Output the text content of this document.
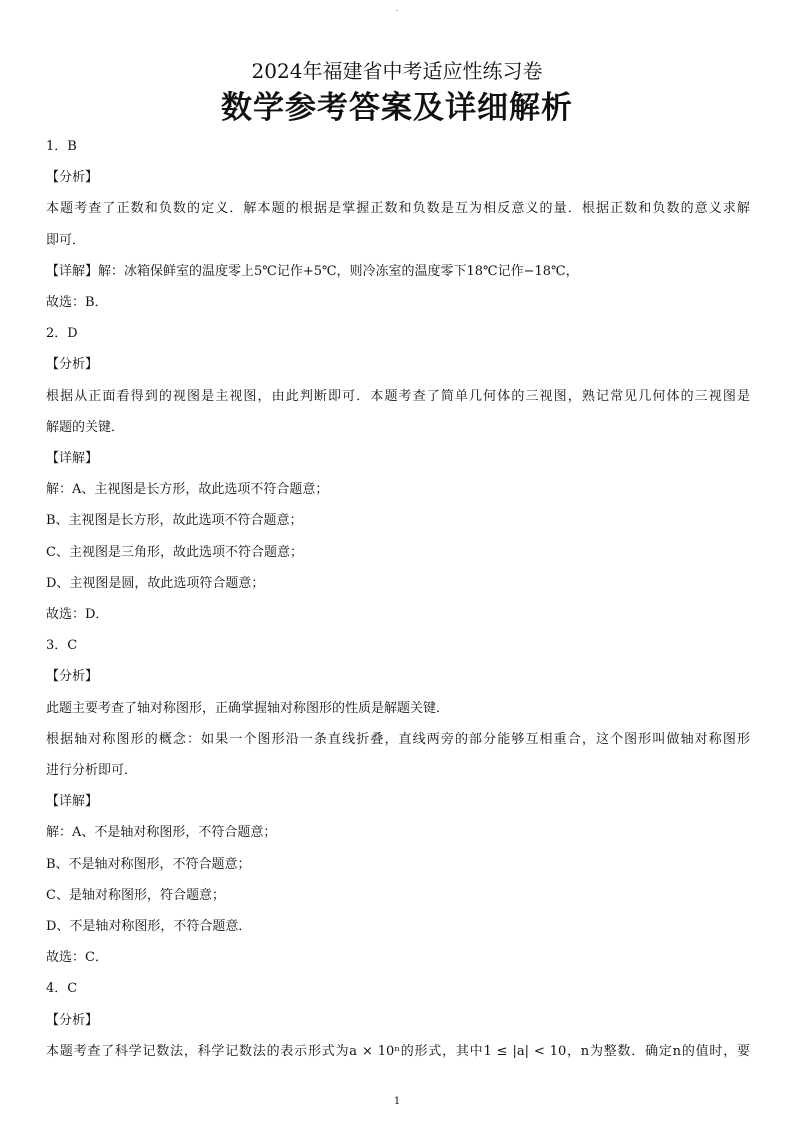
.
2024年福建省中考适应性练习卷
数学参考答案及详细解析
1．B
【分析】
本题考查了正数和负数的定义．解本题的根据是掌握正数和负数是互为相反意义的量．根据正数和负数的意义求解
即可．
【详解】解：冰箱保鲜室的温度零上5℃记作+5℃，则冷冻室的温度零下18℃记作−18℃，
故选：B．
2．D
【分析】
根据从正面看得到的视图是主视图，由此判断即可．本题考查了简单几何体的三视图，熟记常见几何体的三视图是
解题的关键．
【详解】
解：A、主视图是长方形，故此选项不符合题意；
B、主视图是长方形，故此选项不符合题意；
C、主视图是三角形，故此选项不符合题意；
D、主视图是圆，故此选项符合题意；
故选：D．
3．C
【分析】
此题主要考查了轴对称图形，正确掌握轴对称图形的性质是解题关键．
根据轴对称图形的概念：如果一个图形沿一条直线折叠，直线两旁的部分能够互相重合，这个图形叫做轴对称图形
进行分析即可．
【详解】
解：A、不是轴对称图形，不符合题意；
B、不是轴对称图形，不符合题意；
C、是轴对称图形，符合题意；
D、不是轴对称图形，不符合题意．
故选：C．
4．C
【分析】
本题考查了科学记数法，科学记数法的表示形式为a × 10ⁿ的形式，其中1 ≤ |a| < 10，n为整数．确定n的值时，要
1
